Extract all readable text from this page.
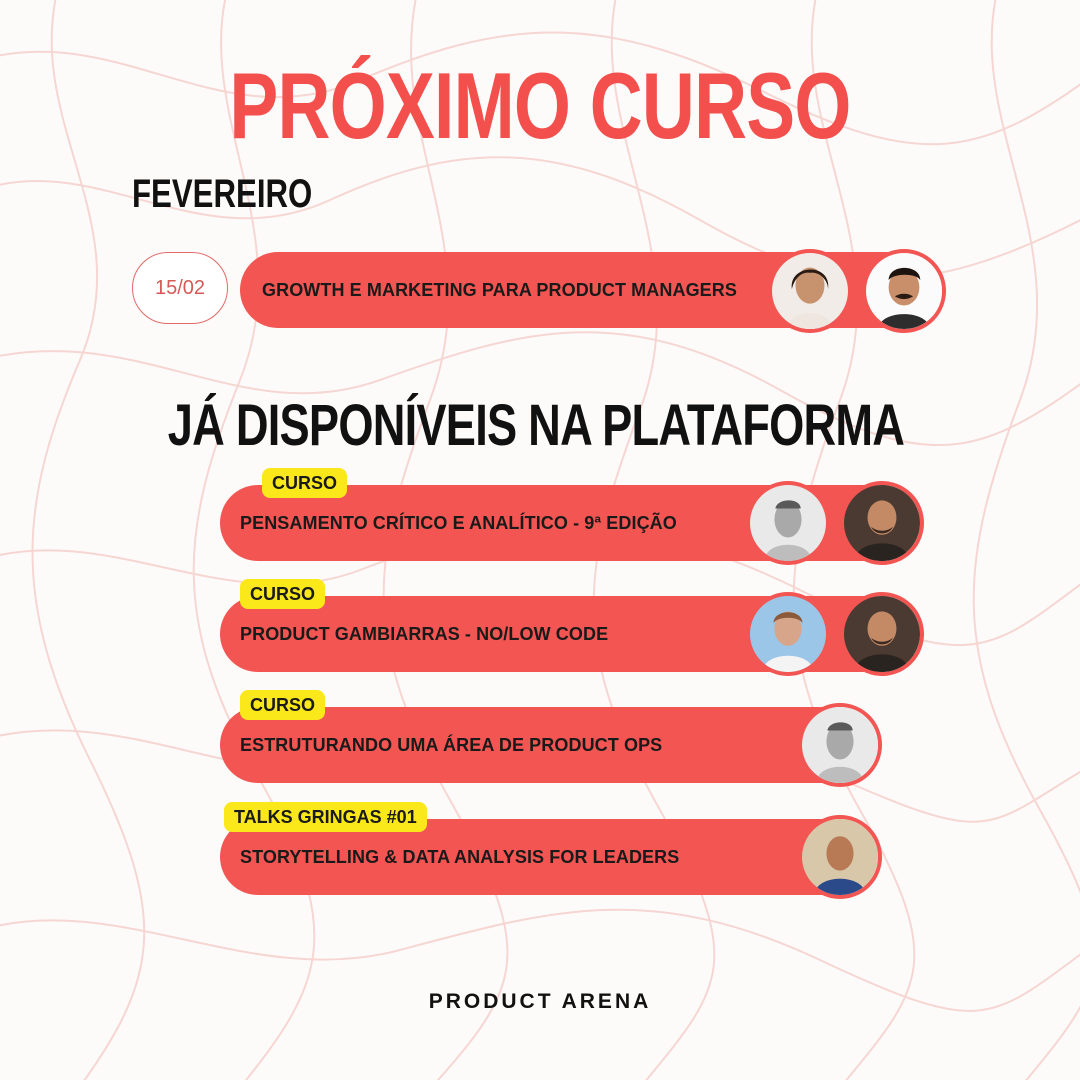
PRÓXIMO CURSO
FEVEREIRO
15/02	GROWTH E MARKETING PARA PRODUCT MANAGERS
JÁ DISPONÍVEIS NA PLATAFORMA
PENSAMENTO CRÍTICO E ANALÍTICO - 9ª EDIÇÃO
CURSO
PRODUCT GAMBIARRAS - NO/LOW CODE
CURSO
ESTRUTURANDO UMA ÁREA DE PRODUCT OPS
CURSO
STORYTELLING & DATA ANALYSIS FOR LEADERS
TALKS GRINGAS #01
PRODUCT ARENA
